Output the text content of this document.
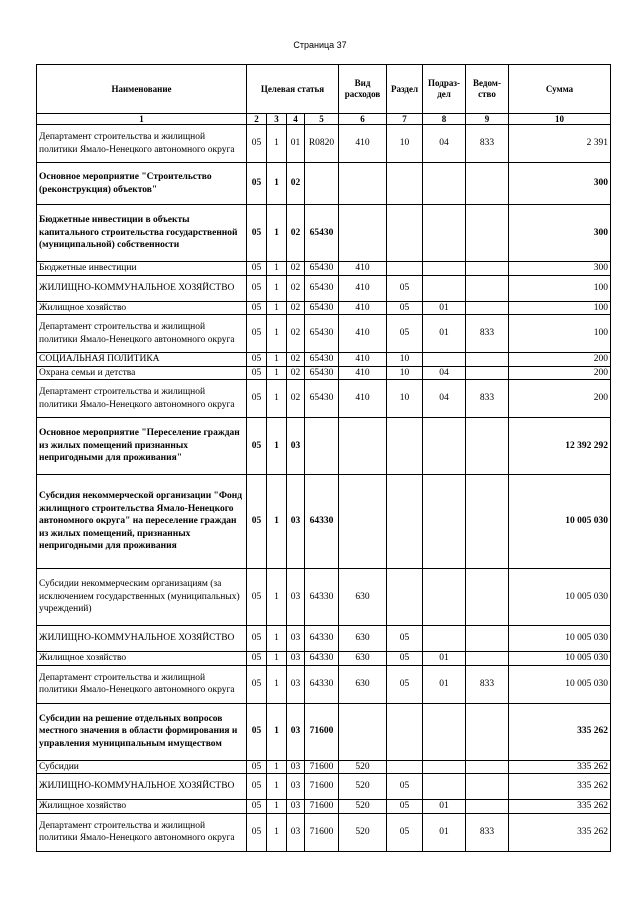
Страница 37
Наименование	Целевая статья				Вид расходов	Раздел	Подраз-дел	Ведом-ство	Сумма
1	2	3	4	5	6	7	8	9	10
Департамент строительства и жилищной политики Ямало-Ненецкого автономного округа	05	1	01	R0820	410	10	04	833	2 391
Основное мероприятие "Строительство (реконструкция) объектов"	05	1	02						300
Бюджетные инвестиции в объекты капитального строительства государственной (муниципальной) собственности	05	1	02	65430					300
Бюджетные инвестиции	05	1	02	65430	410				300
ЖИЛИЩНО-КОММУНАЛЬНОЕ ХОЗЯЙСТВО	05	1	02	65430	410	05			100
Жилищное хозяйство	05	1	02	65430	410	05	01		100
Департамент строительства и жилищной политики Ямало-Ненецкого автономного округа	05	1	02	65430	410	05	01	833	100
СОЦИАЛЬНАЯ ПОЛИТИКА	05	1	02	65430	410	10			200
Охрана семьи и детства	05	1	02	65430	410	10	04		200
Департамент строительства и жилищной политики Ямало-Ненецкого автономного округа	05	1	02	65430	410	10	04	833	200
Основное мероприятие "Переселение граждан из жилых помещений признанных непригодными для проживания"	05	1	03						12 392 292
Субсидия некоммерческой организации "Фонд жилищного строительства Ямало-Ненецкого автономного округа" на переселение граждан из жилых помещений, признанных непригодными для проживания	05	1	03	64330					10 005 030
Субсидии некоммерческим организациям (за исключением государственных (муниципальных) учреждений)	05	1	03	64330	630				10 005 030
ЖИЛИЩНО-КОММУНАЛЬНОЕ ХОЗЯЙСТВО	05	1	03	64330	630	05			10 005 030
Жилищное хозяйство	05	1	03	64330	630	05	01		10 005 030
Департамент строительства и жилищной политики Ямало-Ненецкого автономного округа	05	1	03	64330	630	05	01	833	10 005 030
Субсидии на решение отдельных вопросов местного значения в области формирования и управления муниципальным имуществом	05	1	03	71600					335 262
Субсидии	05	1	03	71600	520				335 262
ЖИЛИЩНО-КОММУНАЛЬНОЕ ХОЗЯЙСТВО	05	1	03	71600	520	05			335 262
Жилищное хозяйство	05	1	03	71600	520	05	01		335 262
Департамент строительства и жилищной политики Ямало-Ненецкого автономного округа	05	1	03	71600	520	05	01	833	335 262
